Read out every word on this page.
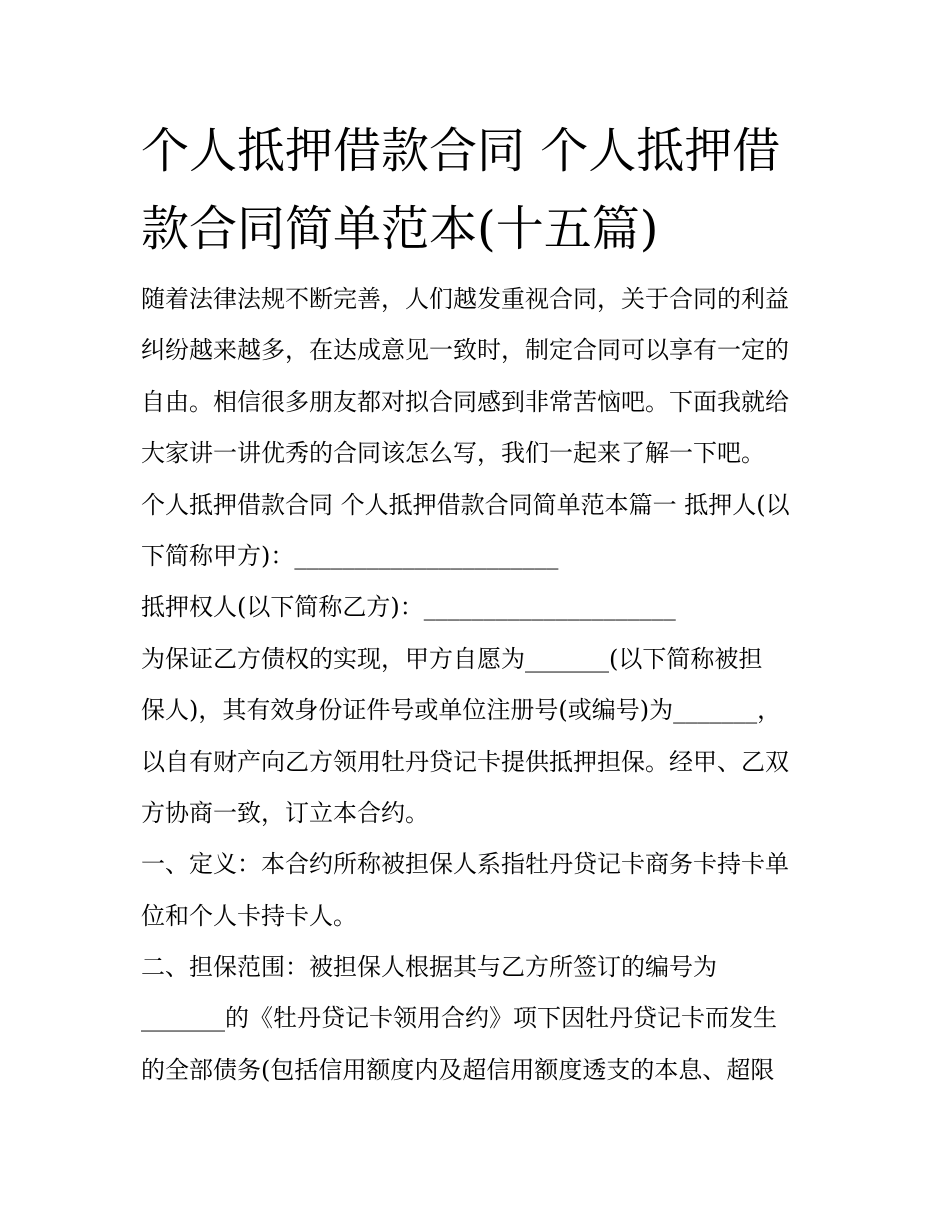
个人抵押借款合同 个人抵押借
款合同简单范本(十五篇)
随着法律法规不断完善，人们越发重视合同，关于合同的利益
纠纷越来越多，在达成意见一致时，制定合同可以享有一定的
自由。相信很多朋友都对拟合同感到非常苦恼吧。下面我就给
大家讲一讲优秀的合同该怎么写，我们一起来了解一下吧。
个人抵押借款合同 个人抵押借款合同简单范本篇一 抵押人(以
下简称甲方)：______________________
抵押权人(以下简称乙方)：_____________________
为保证乙方债权的实现，甲方自愿为_______(以下简称被担
保人)，其有效身份证件号或单位注册号(或编号)为_______，
以自有财产向乙方领用牡丹贷记卡提供抵押担保。经甲、乙双
方协商一致，订立本合约。
一、定义：本合约所称被担保人系指牡丹贷记卡商务卡持卡单
位和个人卡持卡人。
二、担保范围：被担保人根据其与乙方所签订的编号为
_______的《牡丹贷记卡领用合约》项下因牡丹贷记卡而发生
的全部债务(包括信用额度内及超信用额度透支的本息、超限
